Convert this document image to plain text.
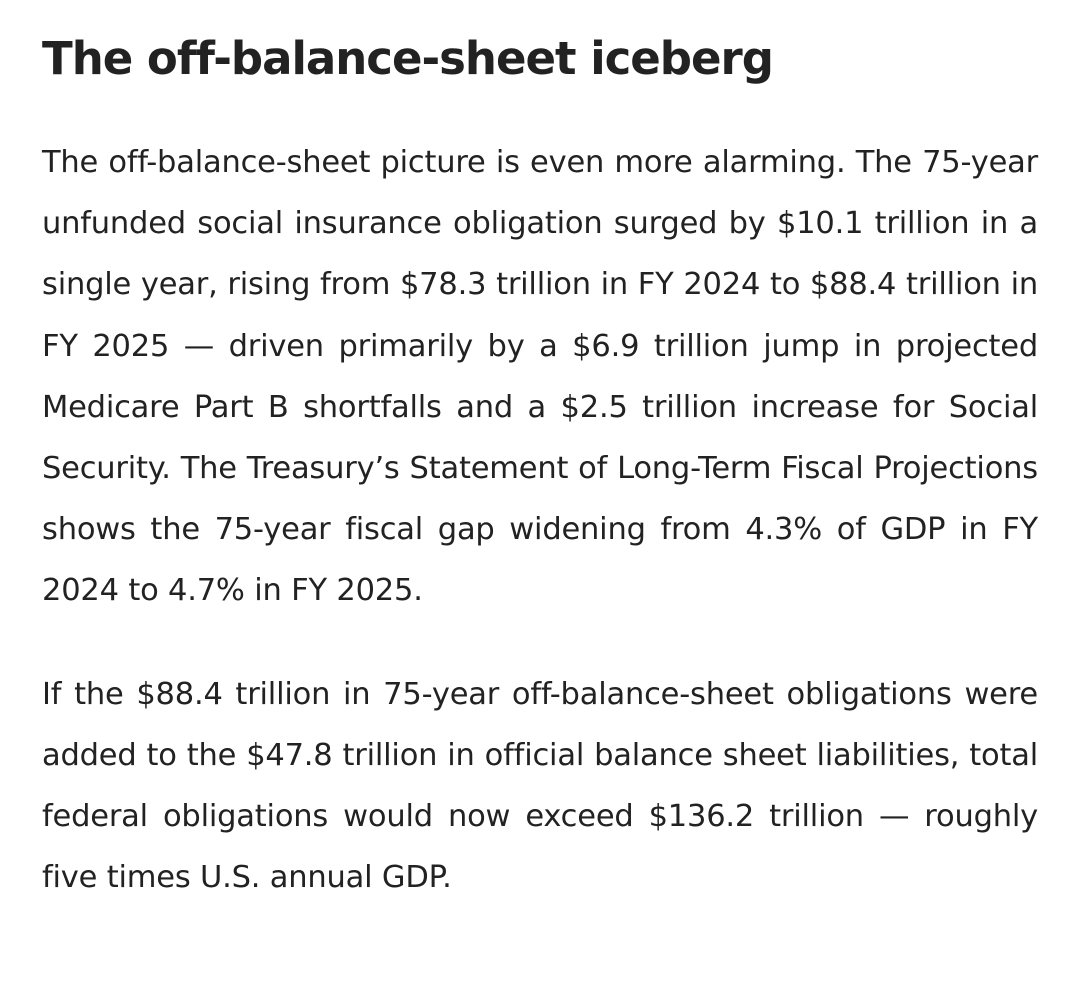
The off-balance-sheet iceberg

The off-balance-sheet picture is even more alarming. The 75-year unfunded social insurance obligation surged by $10.1 trillion in a single year, rising from $78.3 trillion in FY 2024 to $88.4 trillion in FY 2025 — driven primarily by a $6.9 trillion jump in projected Medicare Part B shortfalls and a $2.5 trillion increase for Social Security. The Treasury’s Statement of Long-Term Fiscal Projections shows the 75-year fiscal gap widening from 4.3% of GDP in FY 2024 to 4.7% in FY 2025.

If the $88.4 trillion in 75-year off-balance-sheet obligations were added to the $47.8 trillion in official balance sheet liabilities, total federal obligations would now exceed $136.2 trillion — roughly five times U.S. annual GDP.
